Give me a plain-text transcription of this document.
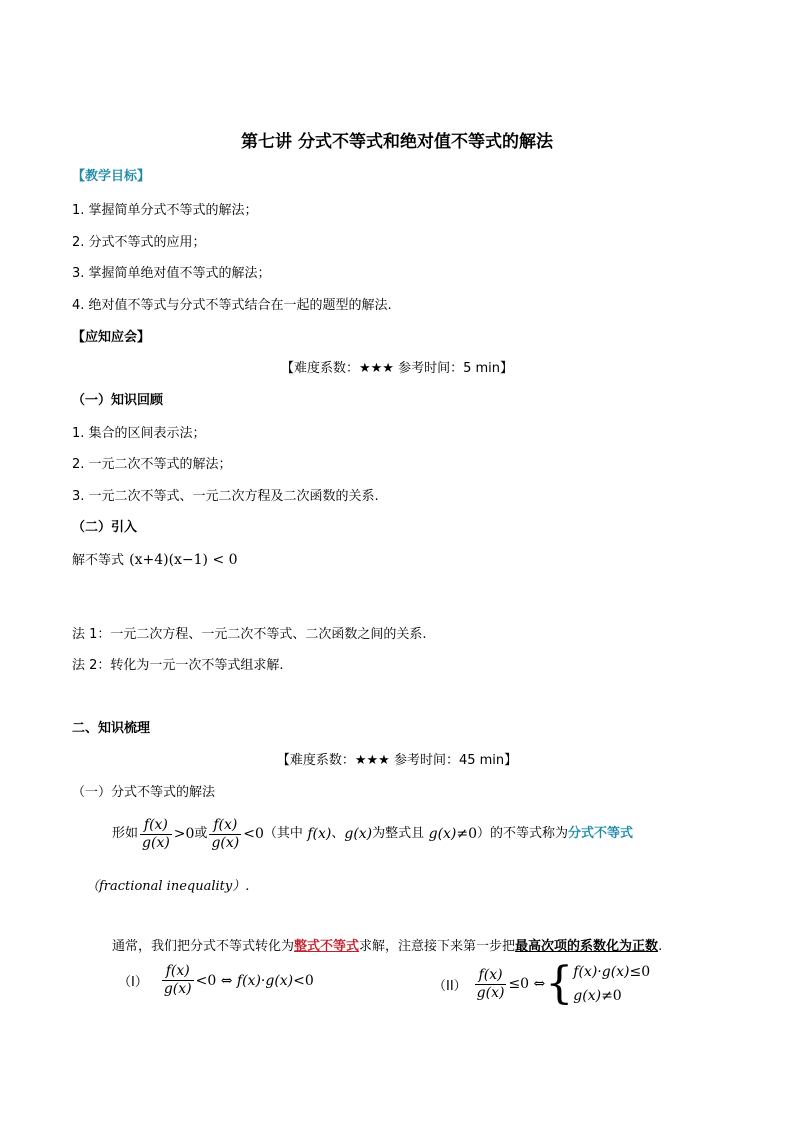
第七讲 分式不等式和绝对值不等式的解法
【教学目标】
1. 掌握简单分式不等式的解法；
2. 分式不等式的应用；
3. 掌握简单绝对值不等式的解法；
4. 绝对值不等式与分式不等式结合在一起的题型的解法.
【应知应会】
【难度系数：★★★ 参考时间：5 min】
（一）知识回顾
1. 集合的区间表示法；
2. 一元二次不等式的解法；
3. 一元二次不等式、一元二次方程及二次函数的关系.
（二）引入
解不等式 (x+4)(x−1) < 0
法 1：一元二次方程、一元二次不等式、二次函数之间的关系.
法 2：转化为一元一次不等式组求解.
二、知识梳理
【难度系数：★★★ 参考时间：45 min】
（一）分式不等式的解法
形如 $\frac{f(x)}{g(x)} >0$ 或 $\frac{f(x)}{g(x)} <0$ （其中 f(x) 、 g(x) 为整式且 g(x)≠0 ）的不等式称为 分式不等式
（fractional inequality）.
通常，我们把分式不等式转化为整式不等式求解，注意接下来第一步把最高次项的系数化为正数.
$(I) \frac{f(x)}{g(x)} <0$ ⇔ f(x)·g(x)<0	$(II) \frac{f(x)}{g(x)} \le 0$ ⇔ { f(x)·g(x)≤0
g(x)≠0
